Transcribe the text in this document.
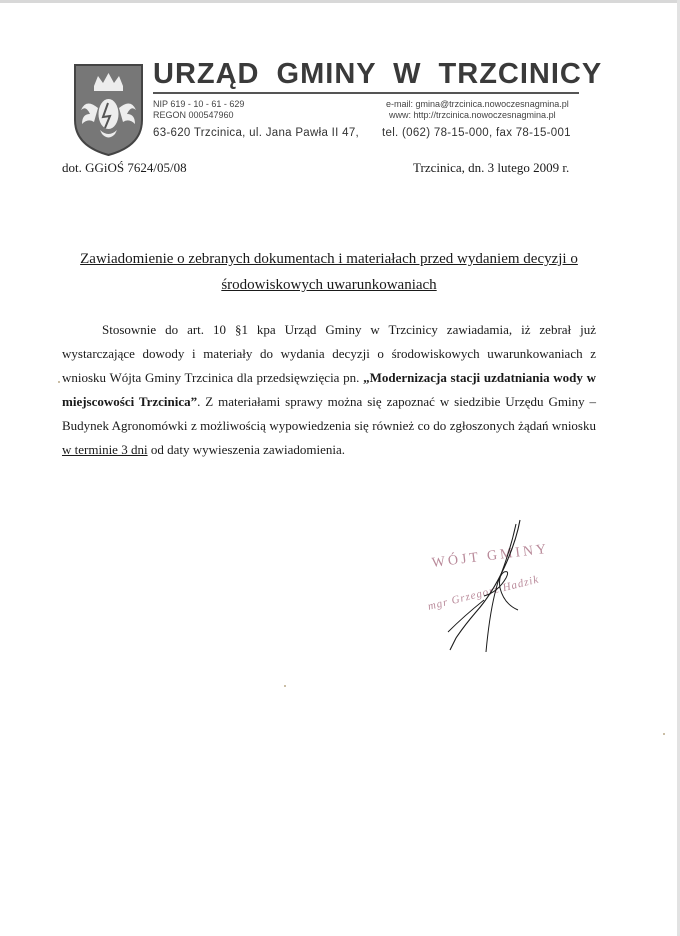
URZĄD GMINY W TRZCINICY
NIP 619 - 10 - 61 - 629
REGON 000547960
e-mail: gmina@trzcinica.nowoczesnagmina.pl
www: http://trzcinica.nowoczesnagmina.pl
63-620 Trzcinica, ul. Jana Pawła II 47, tel. (062) 78-15-000, fax 78-15-001
dot. GGiOŚ 7624/05/08	Trzcinica, dn. 3 lutego 2009 r.
Zawiadomienie o zebranych dokumentach i materiałach przed wydaniem decyzji o
środowiskowych uwarunkowaniach

Stosownie do art. 10 §1 kpa Urząd Gminy w Trzcinicy zawiadamia, iż zebrał już wystarczające dowody i materiały do wydania decyzji o środowiskowych uwarunkowaniach z wniosku Wójta Gminy Trzcinica dla przedsięwzięcia pn. „Modernizacja stacji uzdatniania wody w miejscowości Trzcinica”. Z materiałami sprawy można się zapoznać w siedzibie Urzędu Gminy – Budynek Agronomówki z możliwością wypowiedzenia się również co do zgłoszonych żądań wniosku w terminie 3 dni od daty wywieszenia zawiadomienia.

WÓJT GMINY
mgr Grzegorz Hadzik
